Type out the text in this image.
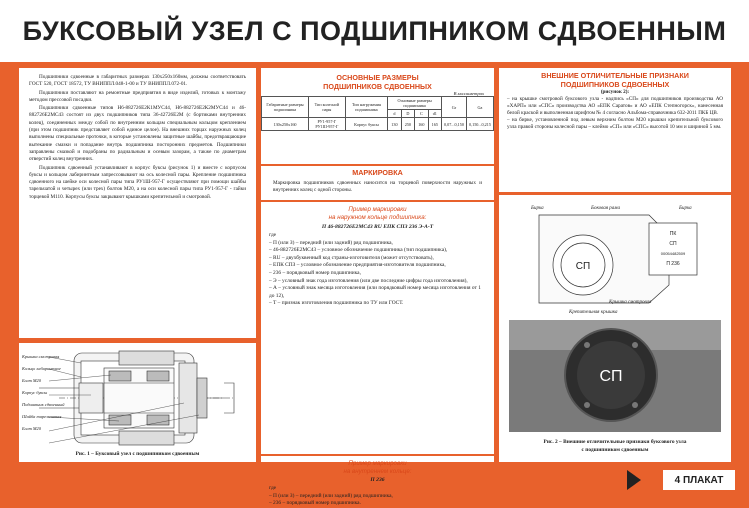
БУКСОВЫЙ УЗЕЛ С ПОДШИПНИКОМ СДВОЕННЫМ

Подшипники сдвоенные в габаритных размерах 130х250х160мм, должны соответствовать ГОСТ 520, ГОСТ 18572, ТУ ВНИППЛ.048-1-00 и ТУ ВНИППЛ.072-01.

Подшипники поставляют на ремонтные предприятия в виде изделий, готовых к монтажу методом прессовой посадки.

Подшипники сдвоенные типов Н6-882726Е2К1МУС44, Н6-882726Е2К2МУС44 и 46-882726Е2МС43 состоят из двух подшипников типа 36-42726Е2М (с бортиками внутренних колец), соединенных между собой по внутренним кольцам специальным кольцом креплением (при этом подшипник представляет собой единое целое). На внешних торцах наружных колец выполнены специальные проточки, в которые установлены защитные шайбы, предотвращающие вытекание смазки и попадание внутрь подшипника посторонних предметов. Подшипники заправлены смазкой и подобраны по радиальным и осевым зазорам, а также по диаметрам отверстий колец внутренних.

Подшипник сдвоенный устанавливают в корпус буксы (рисунок 1) и вместе с корпусом буксы и кольцом лабиринтным запрессовывают на ось колесной пары. Крепление подшипника сдвоенного на шейке оси колесной пары типа РУ1Ш-957-Г осуществляют при помощи шайбы тарельчатой и четырех (или трех) болтов М20, а на оси колесной пары типа РУ1-957-Г - гайки торцевой М110. Корпусы буксы закрывают крышками крепительной и смотровой.

Крышка смотровая
Кольцо лабиринтное
Болт М20
Корпус буксы
Подшипник сдвоенный
Шайба тарельчатая
Болт М20
Рис. 1 – Буксовый узел с подшипником сдвоенным

ОСНОВНЫЕ РАЗМЕРЫ

ПОДШИПНИКОВ СДВОЕННЫХ

В миллиметрах
Габаритные размеры подшипника	Тип колесной пары	Тип нагружения подшипника	Основные размеры подшипника				Gr	Ga
			d	D	C	d1		
130х250х160	РУ1-957-Г РУ1Ш-957-Г	Корпус буксы	130	250	160	165	0,07...0,150	0,150...0,215

МАРКИРОВКА

Маркировка подшипников сдвоенных наносится на торцевой поверхности наружных и внутренних колец с одной стороны.
Пример маркировки
на наружном кольце подшипника:
П 46-882726Е2МС43 RU ЕПК СПЗ 236 Э-А-Т
где
– П (или З) – передний (или задний) ряд подшипника,
– 46-882726Е2МС43 – условное обозначение подшипника (тип подшипника),
– RU – двухбуквенный код страны-изготовителя (может отсутствовать),
– ЕПК СПЗ – условное обозначение предприятия-изготовителя подшипника,
– 236 – порядковый номер подшипника,
– Э – условный знак года изготовления (или две последние цифры года изготовления),
– А – условный знак месяца изготовления (или порядковый номер месяца изготовления от 1 до 12),
– Т – признак изготовления подшипника по ТУ или ГОСТ.
Пример маркировки
на внутреннем кольце:
П 236
где
– П (или З) – передний (или задний) ряд подшипника,
– 236 – порядковый номер подшипника.

ВНЕШНИЕ ОТЛИЧИТЕЛЬНЫЕ ПРИЗНАКИ

ПОДШИПНИКОВ СДВОЕННЫХ

(рисунок 2):
– на крышке смотровой буксового узла - надпись «СП» для подшипников производства АО «ХАРП» или «СПС» производства АО «ЕПК Саратов» и АО «ЕПК Степногорск», нанесенная белой краской и выполненная шрифтом № 4 согласно Альбома-справочника 632-2011 ПКБ ЦВ.
– на бирке, установленной под левым верхним болтом М20 крышки крепительной буксового узла правой стороны колесной пары – клеймо «СП» или «СПС» высотой 10 мм и шириной 5 мм.
СП
ПК
СП
00054482509
П 236
Бирка	Боковая рама
Крышка смотровая
Крепительная крышка
Бирка
СП
Рис. 2 – Внешние отличительные признаки буксового узла
с подшипником сдвоенным
4 ПЛАКАТ
